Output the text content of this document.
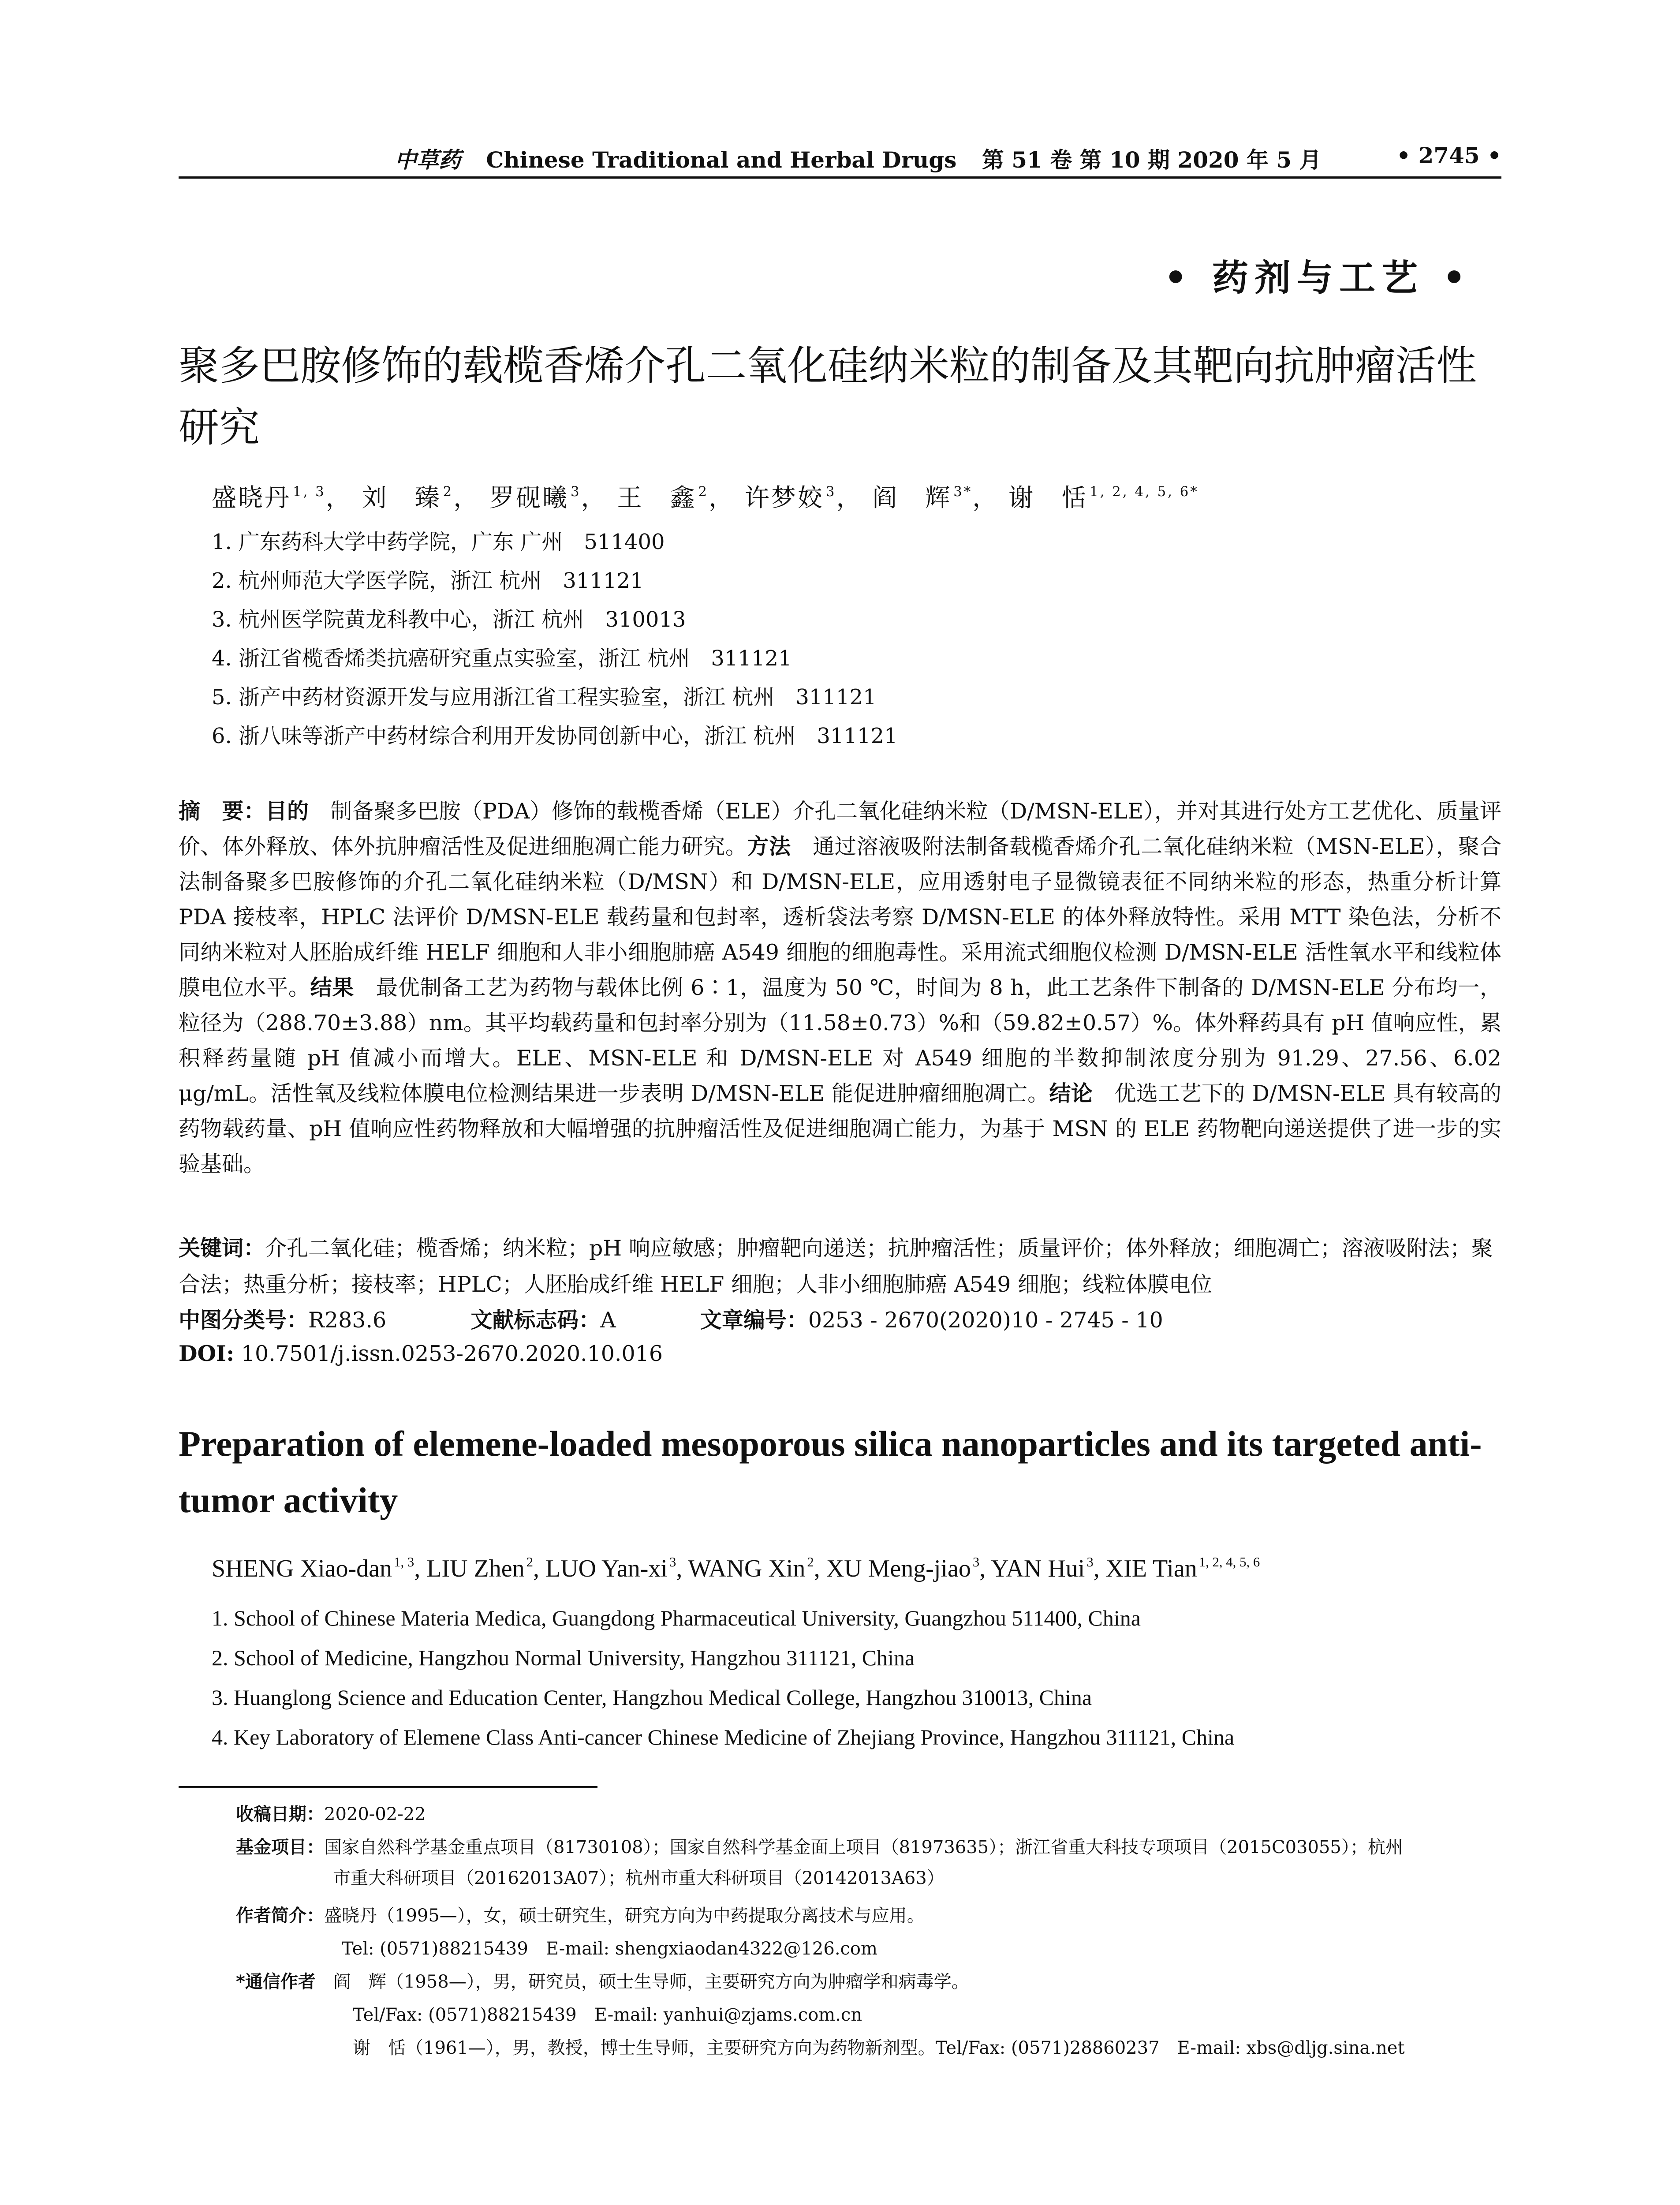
中草药 Chinese Traditional and Herbal Drugs 第 51 卷 第 10 期 2020 年 5 月	• 2745 •
• 药剂与工艺 •
聚多巴胺修饰的载榄香烯介孔二氧化硅纳米粒的制备及其靶向抗肿瘤活性研究
盛晓丹 $^{1, 3}$， 刘　臻 $^2$， 罗砚曦 $^3$， 王　鑫 $^2$， 许梦姣 $^3$， 阎　辉 $^{3*}$， 谢　恬 $^{1, 2, 4, 5, 6*}$
1. 广东药科大学中药学院，广东 广州　511400
2. 杭州师范大学医学院，浙江 杭州　311121
3. 杭州医学院黄龙科教中心，浙江 杭州　310013
4. 浙江省榄香烯类抗癌研究重点实验室，浙江 杭州　311121
5. 浙产中药材资源开发与应用浙江省工程实验室，浙江 杭州　311121
6. 浙八味等浙产中药材综合利用开发协同创新中心，浙江 杭州　311121
摘　要：目的　制备聚多巴胺（PDA）修饰的载榄香烯（ELE）介孔二氧化硅纳米粒（D/MSN-ELE），并对其进行处方工艺优化、质量评价、体外释放、体外抗肿瘤活性及促进细胞凋亡能力研究。方法　通过溶液吸附法制备载榄香烯介孔二氧化硅纳米粒（MSN-ELE），聚合法制备聚多巴胺修饰的介孔二氧化硅纳米粒（D/MSN）和 D/MSN-ELE，应用透射电子显微镜表征不同纳米粒的形态，热重分析计算 PDA 接枝率，HPLC 法评价 D/MSN-ELE 载药量和包封率，透析袋法考察 D/MSN-ELE 的体外释放特性。采用 MTT 染色法，分析不同纳米粒对人胚胎成纤维 HELF 细胞和人非小细胞肺癌 A549 细胞的细胞毒性。采用流式细胞仪检测 D/MSN-ELE 活性氧水平和线粒体膜电位水平。结果　最优制备工艺为药物与载体比例 6∶1，温度为 50 ℃，时间为 8 h，此工艺条件下制备的 D/MSN-ELE 分布均一，粒径为（288.70±3.88）nm。其平均载药量和包封率分别为（11.58±0.73）%和（59.82±0.57）%。体外释药具有 pH 值响应性，累积释药量随 pH 值减小而增大。ELE、MSN-ELE 和 D/MSN-ELE 对 A549 细胞的半数抑制浓度分别为 91.29、27.56、6.02 μg/mL。活性氧及线粒体膜电位检测结果进一步表明 D/MSN-ELE 能促进肿瘤细胞凋亡。结论　优选工艺下的 D/MSN-ELE 具有较高的药物载药量、pH 值响应性药物释放和大幅增强的抗肿瘤活性及促进细胞凋亡能力，为基于 MSN 的 ELE 药物靶向递送提供了进一步的实验基础。
关键词：介孔二氧化硅；榄香烯；纳米粒；pH 响应敏感；肿瘤靶向递送；抗肿瘤活性；质量评价；体外释放；细胞凋亡；溶液吸附法；聚合法；热重分析；接枝率；HPLC；人胚胎成纤维 HELF 细胞；人非小细胞肺癌 A549 细胞；线粒体膜电位
中图分类号：R283.6	文献标志码：A	文章编号：0253 - 2670(2020)10 - 2745 - 10
DOI: 10.7501/j.issn.0253-2670.2020.10.016
Preparation of elemene-loaded mesoporous silica nanoparticles and its targeted anti-tumor activity
SHENG Xiao-dan $^{1, 3}$, LIU Zhen $^2$, LUO Yan-xi $^3$, WANG Xin $^2$, XU Meng-jiao $^3$, YAN Hui $^3$, XIE Tian $^{1, 2, 4, 5, 6}$
1. School of Chinese Materia Medica, Guangdong Pharmaceutical University, Guangzhou 511400, China
2. School of Medicine, Hangzhou Normal University, Hangzhou 311121, China
3. Huanglong Science and Education Center, Hangzhou Medical College, Hangzhou 310013, China
4. Key Laboratory of Elemene Class Anti-cancer Chinese Medicine of Zhejiang Province, Hangzhou 311121, China
收稿日期：2020-02-22
基金项目：国家自然科学基金重点项目（81730108）；国家自然科学基金面上项目（81973635）；浙江省重大科技专项项目（2015C03055）；杭州
市重大科研项目（20162013A07）；杭州市重大科研项目（20142013A63）
作者简介：盛晓丹（1995—），女，硕士研究生，研究方向为中药提取分离技术与应用。
Tel: (0571)88215439　E-mail: shengxiaodan4322@126.com
*通信作者 阎　辉（1958—），男，研究员，硕士生导师，主要研究方向为肿瘤学和病毒学。
Tel/Fax: (0571)88215439　E-mail: yanhui@zjams.com.cn
谢　恬（1961—），男，教授，博士生导师，主要研究方向为药物新剂型。Tel/Fax: (0571)28860237　E-mail: xbs@dljg.sina.net
